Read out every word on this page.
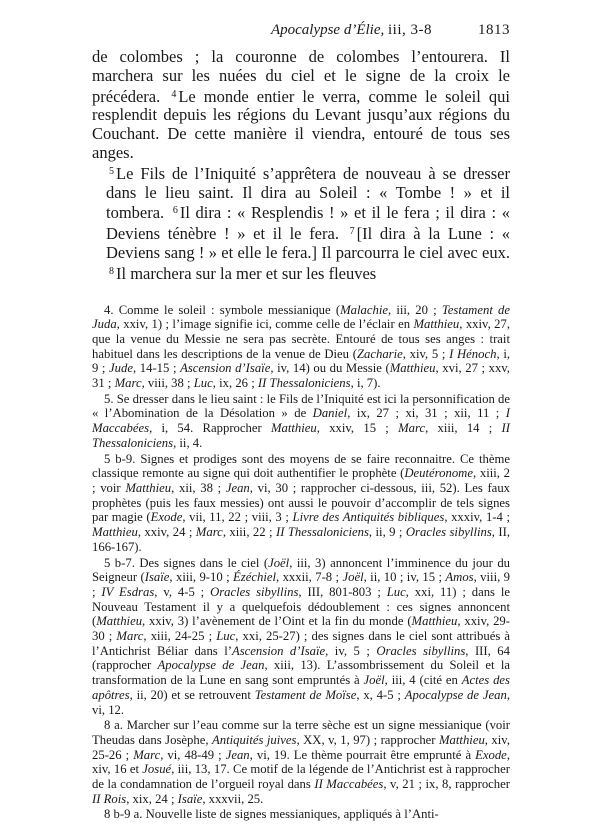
Apocalypse d’Élie, iii, 3-8	1813

de colombes ; la couronne de colombes l’entourera. Il marchera sur les nuées du ciel et le signe de la croix le précédera. $^4$ Le monde entier le verra, comme le soleil qui resplendit depuis les régions du Levant jusqu’aux régions du Couchant. De cette manière il viendra, entouré de tous ses anges.

$^5$ Le Fils de l’Iniquité s’apprêtera de nouveau à se dresser dans le lieu saint. Il dira au Soleil : « Tombe ! » et il tombera. $^6$ Il dira : « Resplendis ! » et il le fera ; il dira : « Deviens ténèbre ! » et il le fera. $^7$ [Il dira à la Lune : « Deviens sang ! » et elle le fera.] Il parcourra le ciel avec eux. $^8$ Il marchera sur la mer et sur les fleuves

4. Comme le soleil : symbole messianique (Malachie, iii, 20 ; Testament de Juda, xxiv, 1) ; l’image signifie ici, comme celle de l’éclair en Matthieu, xxiv, 27, que la venue du Messie ne sera pas secrète. Entouré de tous ses anges : trait habituel dans les descriptions de la venue de Dieu (Zacharie, xiv, 5 ; I Hénoch, i, 9 ; Jude, 14-15 ; Ascension d’Isaïe, iv, 14) ou du Messie (Matthieu, xvi, 27 ; xxv, 31 ; Marc, viii, 38 ; Luc, ix, 26 ; II Thessaloniciens, i, 7).

5. Se dresser dans le lieu saint : le Fils de l’Iniquité est ici la personnification de « l’Abomination de la Désolation » de Daniel, ix, 27 ; xi, 31 ; xii, 11 ; I Maccabées, i, 54. Rapprocher Matthieu, xxiv, 15 ; Marc, xiii, 14 ; II Thessaloniciens, ii, 4.

5 b-9. Signes et prodiges sont des moyens de se faire reconnaitre. Ce thème classique remonte au signe qui doit authentifier le prophète (Deutéronome, xiii, 2 ; voir Matthieu, xii, 38 ; Jean, vi, 30 ; rapprocher ci-dessous, iii, 52). Les faux prophètes (puis les faux messies) ont aussi le pouvoir d’accomplir de tels signes par magie (Exode, vii, 11, 22 ; viii, 3 ; Livre des Antiquités bibliques, xxxiv, 1-4 ; Matthieu, xxiv, 24 ; Marc, xiii, 22 ; II Thessaloniciens, ii, 9 ; Oracles sibyllins, II, 166-167).

5 b-7. Des signes dans le ciel (Joël, iii, 3) annoncent l’imminence du jour du Seigneur (Isaïe, xiii, 9-10 ; Ézéchiel, xxxii, 7-8 ; Joël, ii, 10 ; iv, 15 ; Amos, viii, 9 ; IV Esdras, v, 4-5 ; Oracles sibyllins, III, 801-803 ; Luc, xxi, 11) ; dans le Nouveau Testament il y a quelquefois dédoublement : ces signes annoncent (Matthieu, xxiv, 3) l’avènement de l’Oint et la fin du monde (Matthieu, xxiv, 29-30 ; Marc, xiii, 24-25 ; Luc, xxi, 25-27) ; des signes dans le ciel sont attribués à l’Antichrist Béliar dans l’Ascension d’Isaïe, iv, 5 ; Oracles sibyllins, III, 64 (rapprocher Apocalypse de Jean, xiii, 13). L’assombrissement du Soleil et la transformation de la Lune en sang sont empruntés à Joël, iii, 4 (cité en Actes des apôtres, ii, 20) et se retrouvent Testament de Moïse, x, 4-5 ; Apocalypse de Jean, vi, 12.

8 a. Marcher sur l’eau comme sur la terre sèche est un signe messianique (voir Theudas dans Josèphe, Antiquités juives, XX, v, 1, 97) ; rapprocher Matthieu, xiv, 25-26 ; Marc, vi, 48-49 ; Jean, vi, 19. Le thème pourrait être emprunté à Exode, xiv, 16 et Josué, iii, 13, 17. Ce motif de la légende de l’Antichrist est à rapprocher de la condamnation de l’orgueil royal dans II Maccabées, v, 21 ; ix, 8, rapprocher II Rois, xix, 24 ; Isaïe, xxxvii, 25.

8 b-9 a. Nouvelle liste de signes messianiques, appliqués à l’Anti-
